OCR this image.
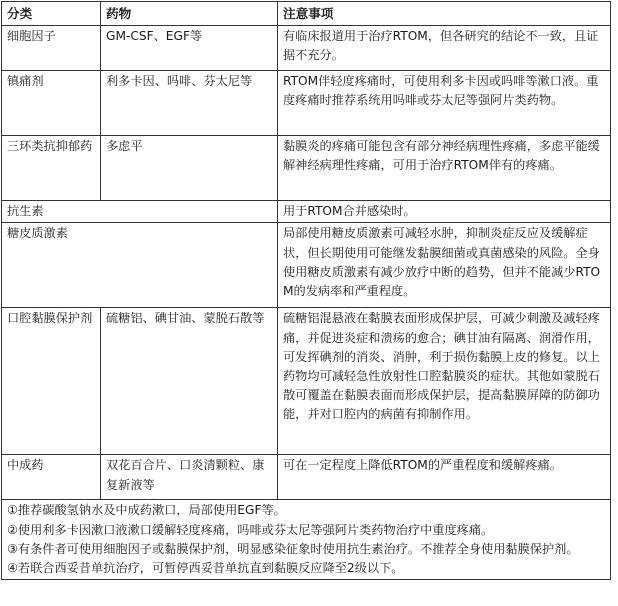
分类	药物	注意事项
细胞因子	GM-CSF、EGF等	有临床报道用于治疗RTOM，但各研究的结论不一致，且证据不充分。
镇痛剂	利多卡因、吗啡、芬太尼等	RTOM伴轻度疼痛时，可使用利多卡因或吗啡等漱口液。重度疼痛时推荐系统用吗啡或芬太尼等强阿片类药物。
三环类抗抑郁药	多虑平	黏膜炎的疼痛可能包含有部分神经病理性疼痛，多虑平能缓解神经病理性疼痛，可用于治疗RTOM伴有的疼痛。
抗生素		用于RTOM合并感染时。
糖皮质激素		局部使用糖皮质激素可减轻水肿，抑制炎症反应及缓解症状，但长期使用可能继发黏膜细菌或真菌感染的风险。全身使用糖皮质激素有减少放疗中断的趋势，但并不能减少RTOM的发病率和严重程度。
口腔黏膜保护剂	硫糖铝、碘甘油、蒙脱石散等	硫糖铝混悬液在黏膜表面形成保护层，可减少刺激及减轻疼痛，并促进炎症和溃疡的愈合；碘甘油有隔离、润滑作用，可发挥碘剂的消炎、消肿，利于损伤黏膜上皮的修复。以上药物均可减轻急性放射性口腔黏膜炎的症状。其他如蒙脱石散可覆盖在黏膜表面而形成保护层，提高黏膜屏障的防御功能，并对口腔内的病菌有抑制作用。
中成药	双花百合片、口炎清颗粒、康复新液等	可在一定程度上降低RTOM的严重程度和缓解疼痛。

①推荐碳酸氢钠水及中成药漱口，局部使用EGF等。
②使用利多卡因漱口液漱口缓解轻度疼痛，吗啡或芬太尼等强阿片类药物治疗中重度疼痛。
③有条件者可使用细胞因子或黏膜保护剂，明显感染征象时使用抗生素治疗。不推荐全身使用黏膜保护剂。
④若联合西妥昔单抗治疗，可暂停西妥昔单抗直到黏膜反应降至2级以下。		
